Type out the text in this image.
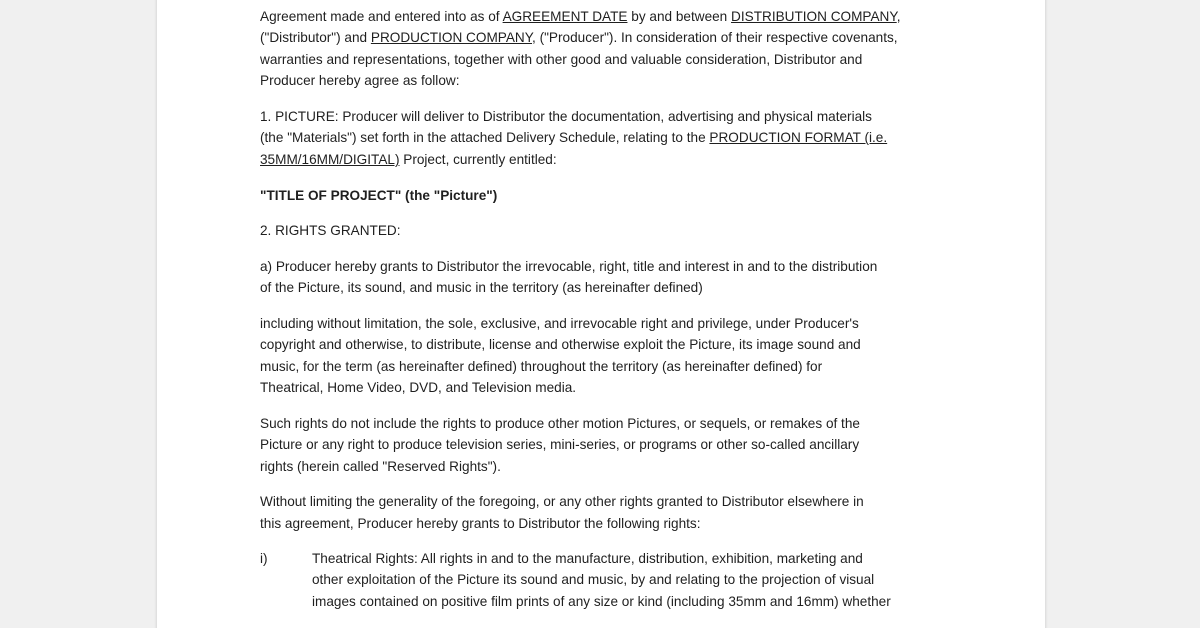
Agreement made and entered into as of AGREEMENT DATE by and between DISTRIBUTION COMPANY,
("Distributor") and PRODUCTION COMPANY, ("Producer"). In consideration of their respective covenants,
warranties and representations, together with other good and valuable consideration, Distributor and
Producer hereby agree as follow:
1. PICTURE: Producer will deliver to Distributor the documentation, advertising and physical materials
(the "Materials") set forth in the attached Delivery Schedule, relating to the PRODUCTION FORMAT (i.e.
35MM/16MM/DIGITAL) Project, currently entitled:
"TITLE OF PROJECT" (the "Picture")
2. RIGHTS GRANTED:
a) Producer hereby grants to Distributor the irrevocable, right, title and interest in and to the distribution
of the Picture, its sound, and music in the territory (as hereinafter defined)
including without limitation, the sole, exclusive, and irrevocable right and privilege, under Producer's
copyright and otherwise, to distribute, license and otherwise exploit the Picture, its image sound and
music, for the term (as hereinafter defined) throughout the territory (as hereinafter defined) for
Theatrical, Home Video, DVD, and Television media.
Such rights do not include the rights to produce other motion Pictures, or sequels, or remakes of the
Picture or any right to produce television series, mini-series, or programs or other so-called ancillary
rights (herein called "Reserved Rights").
Without limiting the generality of the foregoing, or any other rights granted to Distributor elsewhere in
this agreement, Producer hereby grants to Distributor the following rights:
i)	Theatrical Rights: All rights in and to the manufacture, distribution, exhibition, marketing and
other exploitation of the Picture its sound and music, by and relating to the projection of visual
images contained on positive film prints of any size or kind (including 35mm and 16mm) whether
